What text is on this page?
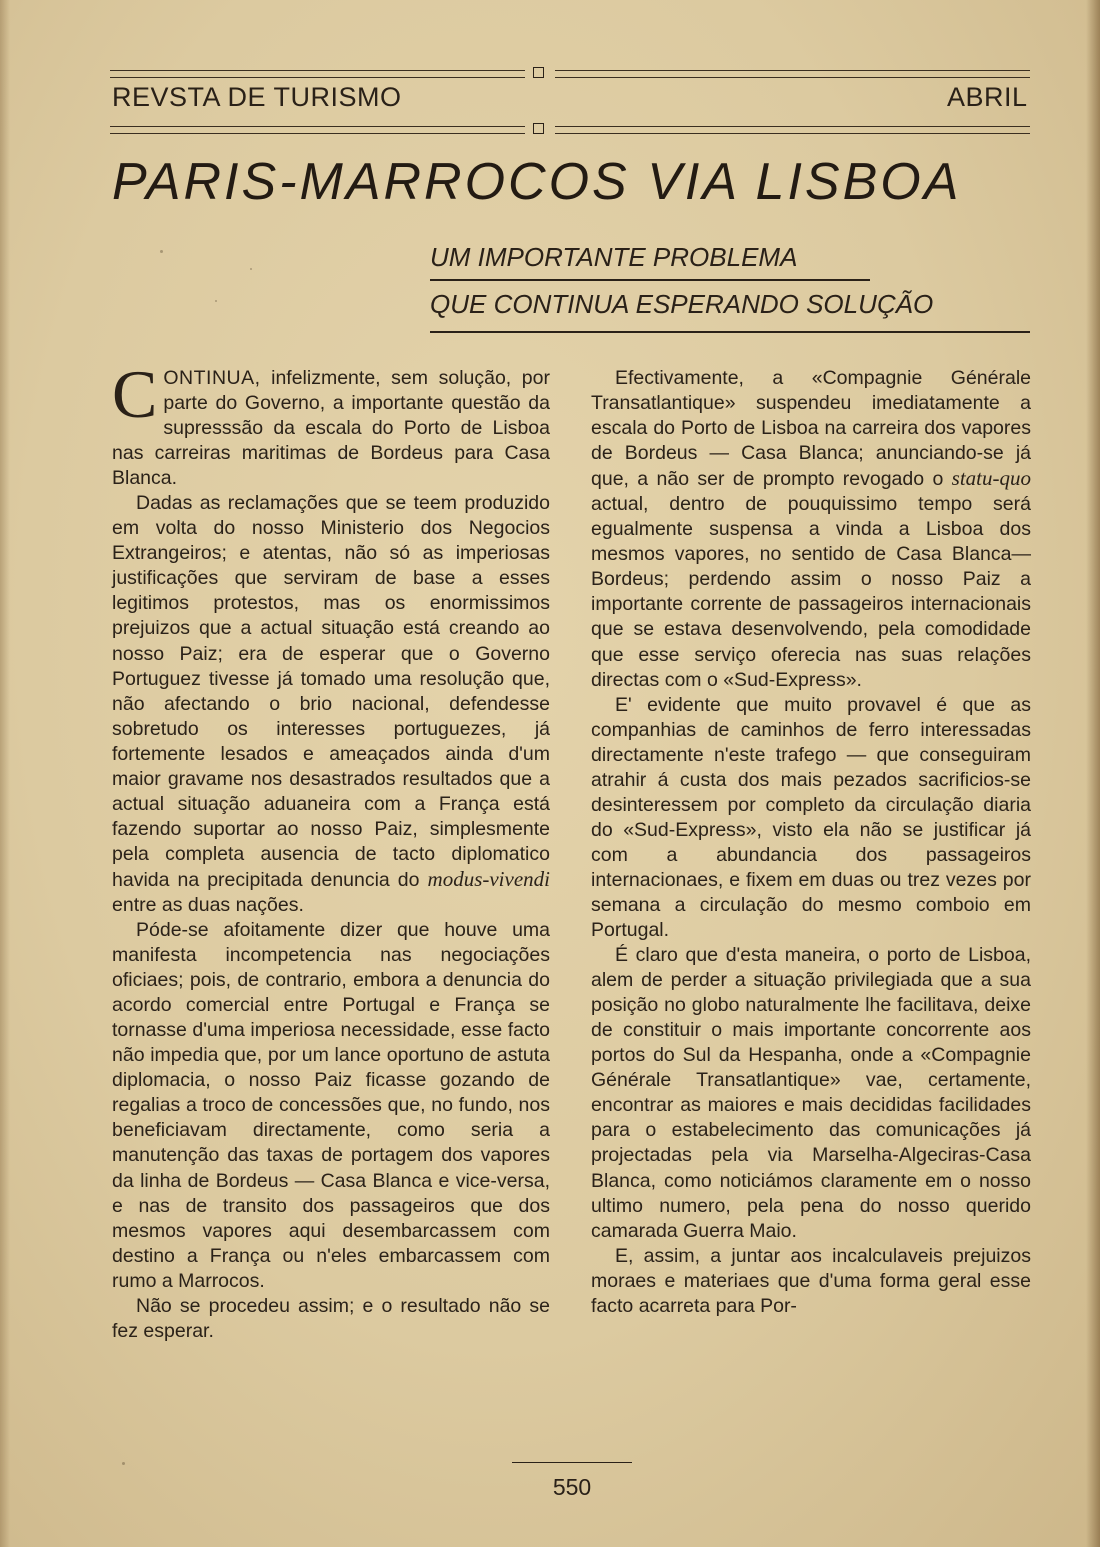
REVSTA DE TURISMO	ABRIL
PARIS-MARROCOS VIA LISBOA
UM IMPORTANTE PROBLEMA
QUE CONTINUA ESPERANDO SOLUÇÃO

CONTINUA, infelizmente, sem solução, por parte do Governo, a importante questão da supresssão da escala do Porto de Lisboa nas carreiras maritimas de Bordeus para Casa Blanca.

Dadas as reclamações que se teem produzido em volta do nosso Ministerio dos Negocios Extrangeiros; e atentas, não só as imperiosas justificações que serviram de base a esses legitimos protestos, mas os enormissimos prejuizos que a actual situação está creando ao nosso Paiz; era de esperar que o Governo Portuguez tivesse já tomado uma resolução que, não afectando o brio nacional, defendesse sobretudo os interesses portuguezes, já fortemente lesados e ameaçados ainda d'um maior gravame nos desastrados resultados que a actual situação aduaneira com a França está fazendo suportar ao nosso Paiz, simplesmente pela completa ausencia de tacto diplomatico havida na precipitada denuncia do modus-vivendi entre as duas nações.

Póde-se afoitamente dizer que houve uma manifesta incompetencia nas negociações oficiaes; pois, de contrario, embora a denuncia do acordo comercial entre Portugal e França se tornasse d'uma imperiosa necessidade, esse facto não impedia que, por um lance oportuno de astuta diplomacia, o nosso Paiz ficasse gozando de regalias a troco de concessões que, no fundo, nos beneficiavam directamente, como seria a manutenção das taxas de portagem dos vapores da linha de Bordeus — Casa Blanca e vice-versa, e nas de transito dos passageiros que dos mesmos vapores aqui desembarcassem com destino a França ou n'eles embarcassem com rumo a Marrocos.

Não se procedeu assim; e o resultado não se fez esperar.

Efectivamente, a «Compagnie Générale Transatlantique» suspendeu imediatamente a escala do Porto de Lisboa na carreira dos vapores de Bordeus — Casa Blanca; anunciando-se já que, a não ser de prompto revogado o statu-quo actual, dentro de pouquissimo tempo será egualmente suspensa a vinda a Lisboa dos mesmos vapores, no sentido de Casa Blanca— Bordeus; perdendo assim o nosso Paiz a importante corrente de passageiros internacionais que se estava desenvolvendo, pela comodidade que esse serviço oferecia nas suas relações directas com o «Sud-Express».

E' evidente que muito provavel é que as companhias de caminhos de ferro interessadas directamente n'este trafego — que conseguiram atrahir á custa dos mais pezados sacrificios-se desinteressem por completo da circulação diaria do «Sud-Express», visto ela não se justificar já com a abundancia dos passageiros internacionaes, e fixem em duas ou trez vezes por semana a circulação do mesmo comboio em Portugal.

É claro que d'esta maneira, o porto de Lisboa, alem de perder a situação privilegiada que a sua posição no globo naturalmente lhe facilitava, deixe de constituir o mais importante concorrente aos portos do Sul da Hespanha, onde a «Compagnie Générale Transatlantique» vae, certamente, encontrar as maiores e mais decididas facilidades para o estabelecimento das comunicações já projectadas pela via Marselha-Algeciras-Casa Blanca, como noticiámos claramente em o nosso ultimo numero, pela pena do nosso querido camarada Guerra Maio.

E, assim, a juntar aos incalculaveis prejuizos moraes e materiaes que d'uma forma geral esse facto acarreta para Por-

550
